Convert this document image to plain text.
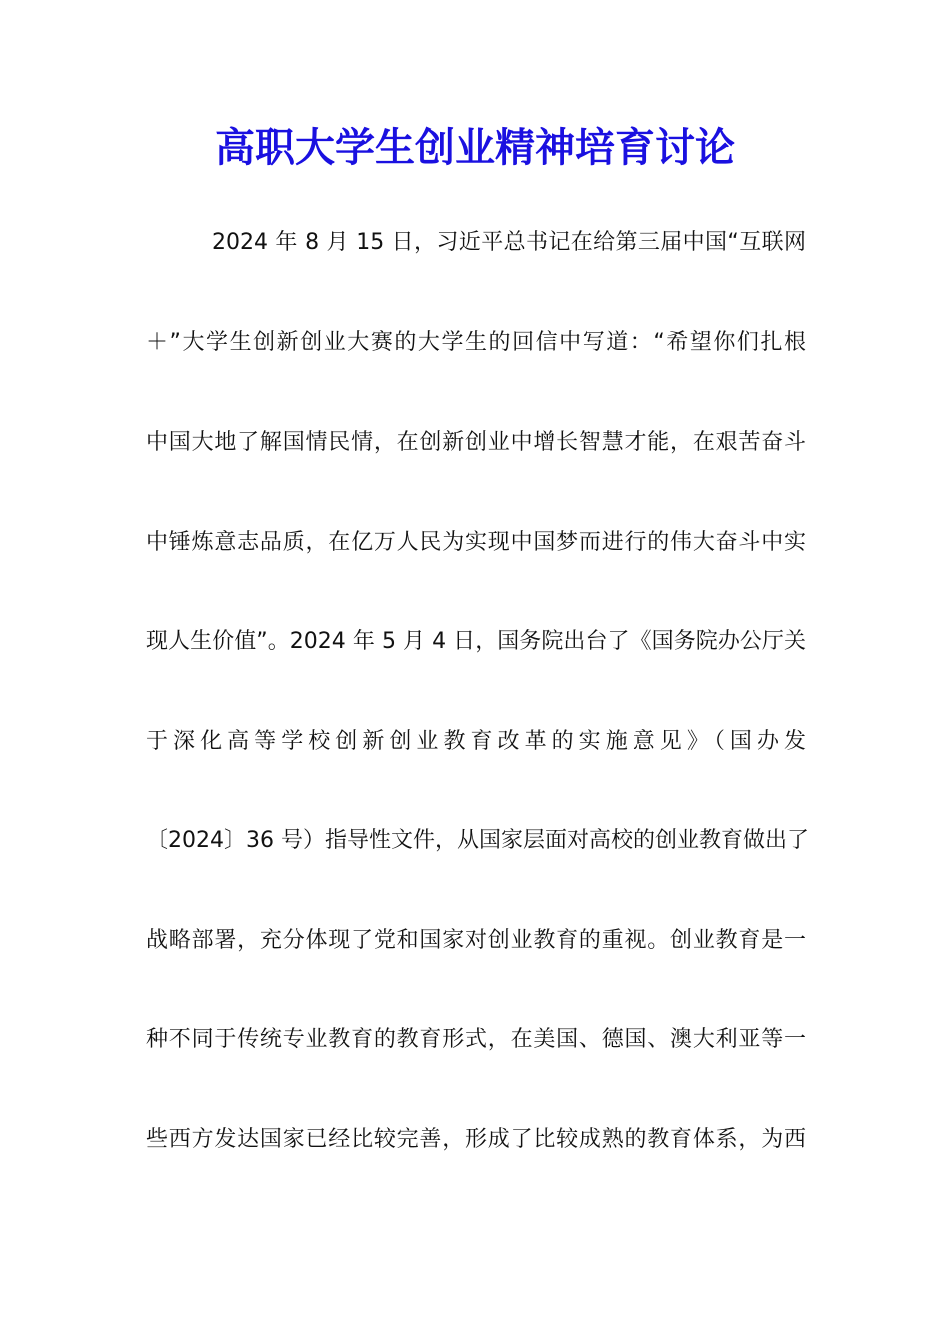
高职大学生创业精神培育讨论

2024 年 8 月 15 日，习近平总书记在给第三届中国“互联网

＋”大学生创新创业大赛的大学生的回信中写道：“希望你们扎根

中国大地了解国情民情，在创新创业中增长智慧才能，在艰苦奋斗

中锤炼意志品质，在亿万人民为实现中国梦而进行的伟大奋斗中实

现人生价值”。2024 年 5 月 4 日，国务院出台了《国务院办公厅关

于深化高等学校创新创业教育改革的实施意见》（国办发

〔2024〕36 号）指导性文件，从国家层面对高校的创业教育做出了

战略部署，充分体现了党和国家对创业教育的重视。创业教育是一

种不同于传统专业教育的教育形式，在美国、德国、澳大利亚等一

些西方发达国家已经比较完善，形成了比较成熟的教育体系，为西
